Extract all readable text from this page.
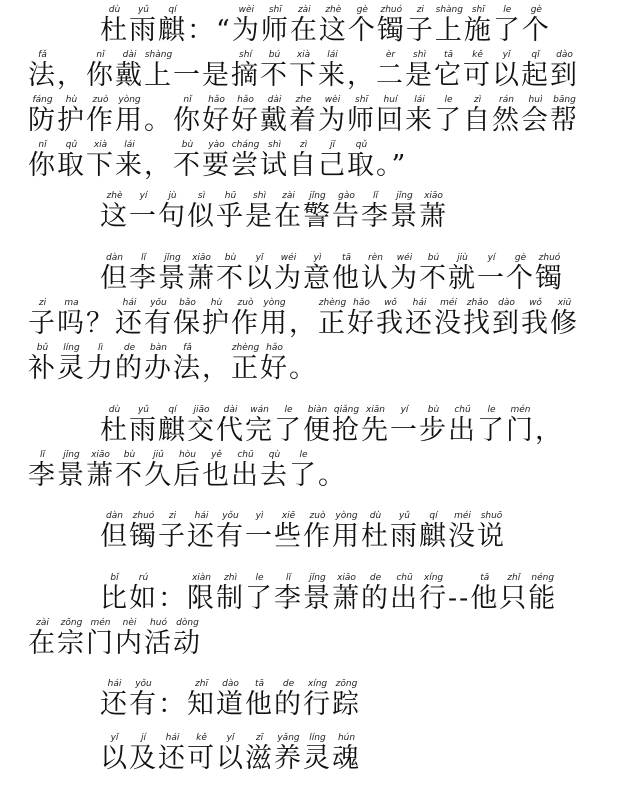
杜dù雨yǔ麒qí：“为wèi师shī在zài这zhè个gè镯zhuó子zi上shàng施shī了le个gè
法fǎ，你nǐ戴dài上shàng一是摘shí不bú下xià来lái，二èr是shì它tā可kě以yǐ起qǐ到dào
防fáng护hù作zuò用yòng。你nǐ好hǎo好hǎo戴dài着zhe为wèi师shī回huí来lái了le自zì然rán会huì帮bāng
你nǐ取qǔ下xià来lái，不bù要yào尝cháng试shì自zì己jǐ取qǔ。”
这zhè一yí句jù似sì乎hū是shì在zài警jǐng告gào李lǐ景jǐng萧xiāo
但dàn李lǐ景jǐng萧xiāo不bù以yǐ为wéi意yì他tā认rèn为wéi不bú就jiù一yí个gè镯zhuó
子zi吗ma？还hái有yǒu保bǎo护hù作zuò用yòng，正zhèng好hǎo我wǒ还hái没méi找zhǎo到dào我wǒ修xiū
补bǔ灵líng力lì的de办bàn法fǎ，正zhèng好hǎo。
杜dù雨yǔ麒qí交jiāo代dài完wán了le便biàn抢qiǎng先xiān一yí步bù出chū了le门mén，
李lǐ景jǐng萧xiāo不bù久jiǔ后hòu也yě出chū去qù了le。
但dàn镯zhuó子zi还hái有yǒu一yì些xiē作zuò用yòng杜dù雨yǔ麒qí没méi说shuō
比bǐ如rú：限xiàn制zhì了le李lǐ景jǐng萧xiāo的de出chū行xíng--他tā只zhǐ能néng
在zài宗zōng门mén内nèi活huó动dòng
还hái有yǒu：知zhī道dào他tā的de行xíng踪zōng
以yǐ及jí还hái可kě以yǐ滋zī养yǎng灵líng魂hún
